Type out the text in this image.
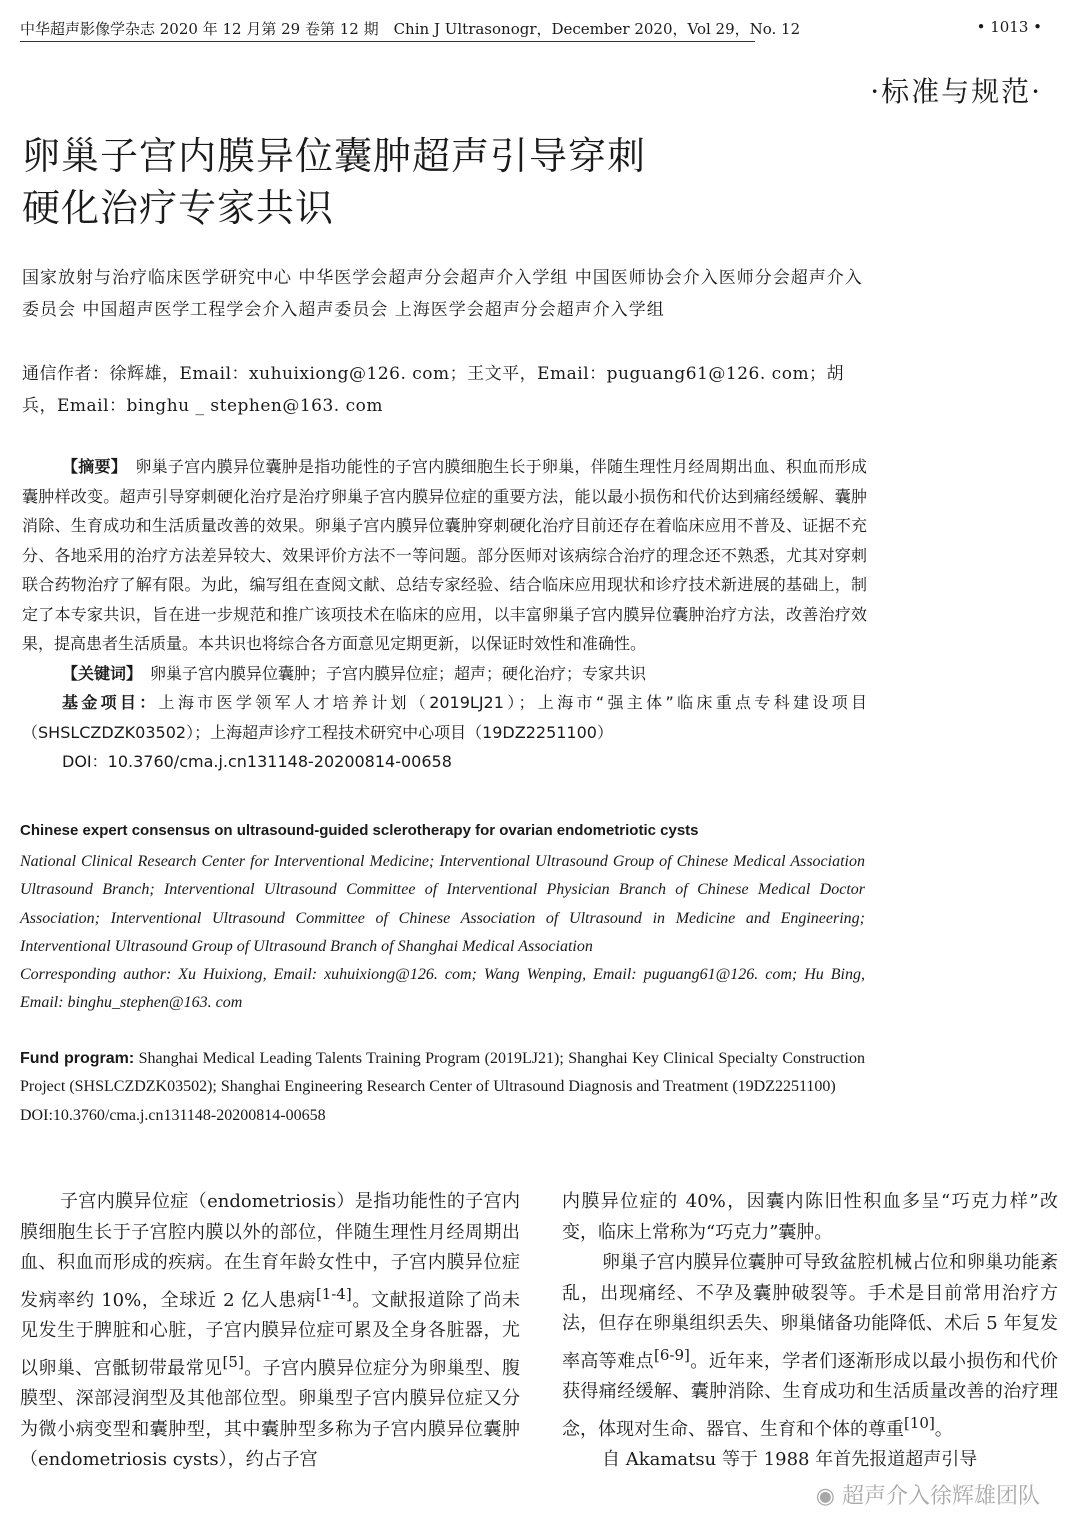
中华超声影像学杂志 2020 年 12 月第 29 卷第 12 期　Chin J Ultrasonogr，December 2020，Vol 29，No. 12	• 1013 •
·标准与规范·
卵巢子宫内膜异位囊肿超声引导穿刺
硬化治疗专家共识
国家放射与治疗临床医学研究中心 中华医学会超声分会超声介入学组 中国医师协会介入医师分会超声介入委员会 中国超声医学工程学会介入超声委员会 上海医学会超声分会超声介入学组
通信作者：徐辉雄，Email：xuhuixiong@126. com；王文平，Email：puguang61@126. com；胡兵，Email：binghu _ stephen@163. com

【摘要】　 卵巢子宫内膜异位囊肿是指功能性的子宫内膜细胞生长于卵巢，伴随生理性月经周期出血、积血而形成囊肿样改变。超声引导穿刺硬化治疗是治疗卵巢子宫内膜异位症的重要方法，能以最小损伤和代价达到痛经缓解、囊肿消除、生育成功和生活质量改善的效果。卵巢子宫内膜异位囊肿穿刺硬化治疗目前还存在着临床应用不普及、证据不充分、各地采用的治疗方法差异较大、效果评价方法不一等问题。部分医师对该病综合治疗的理念还不熟悉，尤其对穿刺联合药物治疗了解有限。为此，编写组在查阅文献、总结专家经验、结合临床应用现状和诊疗技术新进展的基础上，制定了本专家共识，旨在进一步规范和推广该项技术在临床的应用，以丰富卵巢子宫内膜异位囊肿治疗方法，改善治疗效果，提高患者生活质量。本共识也将综合各方面意见定期更新，以保证时效性和准确性。

【关键词】　 卵巢子宫内膜异位囊肿；子宫内膜异位症；超声；硬化治疗；专家共识

基金项目：上海市医学领军人才培养计划（2019LJ21）；上海市“强主体”临床重点专科建设项目（SHSLCZDZK03502）；上海超声诊疗工程技术研究中心项目（19DZ2251100）

DOI：10.3760/cma.j.cn131148-20200814-00658

Chinese expert consensus on ultrasound-guided sclerotherapy for ovarian endometriotic cysts

National Clinical Research Center for Interventional Medicine; Interventional Ultrasound Group of Chinese Medical Association Ultrasound Branch; Interventional Ultrasound Committee of Interventional Physician Branch of Chinese Medical Doctor Association; Interventional Ultrasound Committee of Chinese Association of Ultrasound in Medicine and Engineering; Interventional Ultrasound Group of Ultrasound Branch of Shanghai Medical Association

Corresponding author: Xu Huixiong, Email: xuhuixiong@126. com; Wang Wenping, Email: puguang61@126. com; Hu Bing, Email: binghu_stephen@163. com

Fund program: Shanghai Medical Leading Talents Training Program (2019LJ21); Shanghai Key Clinical Specialty Construction Project (SHSLCZDZK03502); Shanghai Engineering Research Center of Ultrasound Diagnosis and Treatment (19DZ2251100)

DOI:10.3760/cma.j.cn131148-20200814-00658

子宫内膜异位症（endometriosis）是指功能性的子宫内膜细胞生长于子宫腔内膜以外的部位，伴随生理性月经周期出血、积血而形成的疾病。在生育年龄女性中，子宫内膜异位症发病率约 10%，全球近 2 亿人患病[1-4]。文献报道除了尚未见发生于脾脏和心脏，子宫内膜异位症可累及全身各脏器，尤以卵巢、宫骶韧带最常见[5]。子宫内膜异位症分为卵巢型、腹膜型、深部浸润型及其他部位型。卵巢型子宫内膜异位症又分为微小病变型和囊肿型，其中囊肿型多称为子宫内膜异位囊肿（endometriosis cysts），约占子宫

内膜异位症的 40%，因囊内陈旧性积血多呈“巧克力样”改变，临床上常称为“巧克力”囊肿。

卵巢子宫内膜异位囊肿可导致盆腔机械占位和卵巢功能紊乱，出现痛经、不孕及囊肿破裂等。手术是目前常用治疗方法，但存在卵巢组织丢失、卵巢储备功能降低、术后 5 年复发率高等难点[6-9]。近年来，学者们逐渐形成以最小损伤和代价获得痛经缓解、囊肿消除、生育成功和生活质量改善的治疗理念，体现对生命、器官、生育和个体的尊重[10]。

自 Akamatsu 等于 1988 年首先报道超声引导

◉ 超声介入徐辉雄团队
